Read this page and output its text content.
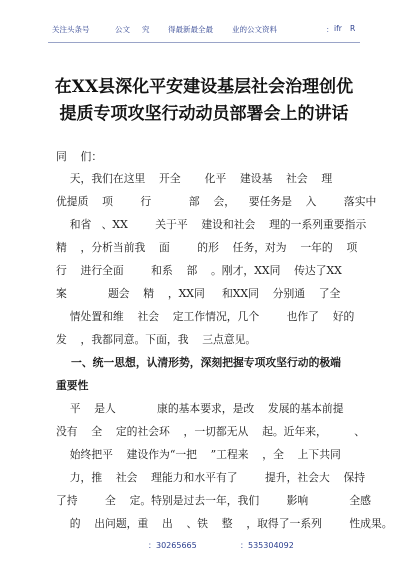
关注头条号	公文 究 得最新最全最	业的公文资料	： ifr R
在XX县深化平安建设基层社会治理创优
提质专项攻坚行动动员部署会上的讲话
同    们：
天，我们在这里    开全       化平    建设基    社会    理
优提质    项        行           部    会，    要任务是    入        落实中
和省   、XX        关于平    建设和社会    理的一系列重要指示
精    ，分析当前我    面        的形    任务，对为    一年的    项
行    进行全面        和系    部    。刚才，XX同    传达了XX
案            题会    精    ，XX同     和XX同    分别通    了全
情处置和维    社会    定工作情况，几个        也作了    好的
发    ，我都同意。下面，我    三点意见。
一、统一思想，认清形势，深刻把握专项攻坚行动的极端
重要性
平    是人            康的基本要求，是改    发展的基本前提
没有    全    定的社会环    ，一切都无从    起。近年来，        、
始终把平    建设作为“一把    ”工程来    ，全    上下共同
力，推    社会    理能力和水平有了        提升，社会大    保持
了持        全    定。特别是过去一年，我们        影响            全感
的    出问题，重    出    、铁    整    ，取得了一系列        性成果。
：30265665	：535304092
